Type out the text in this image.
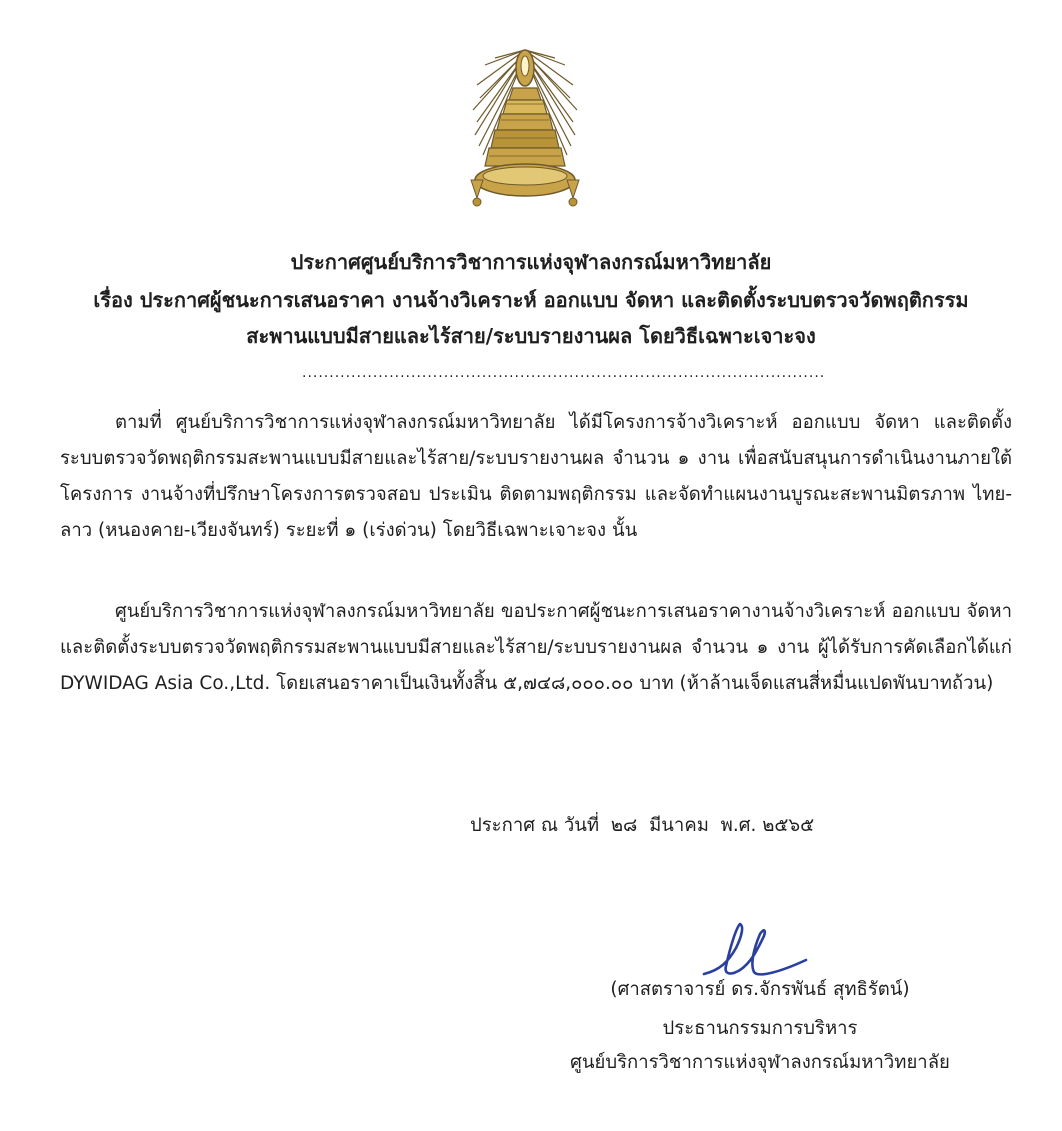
ประกาศศูนย์บริการวิชาการแห่งจุฬาลงกรณ์มหาวิทยาลัย
เรื่อง ประกาศผู้ชนะการเสนอราคา งานจ้างวิเคราะห์ ออกแบบ จัดหา และติดตั้งระบบตรวจวัดพฤติกรรม
สะพานแบบมีสายและไร้สาย/ระบบรายงานผล โดยวิธีเฉพาะเจาะจง
................................................................................................
ตามที่ ศูนย์บริการวิชาการแห่งจุฬาลงกรณ์มหาวิทยาลัย ได้มีโครงการจ้างวิเคราะห์ ออกแบบ จัดหา และติดตั้งระบบตรวจวัดพฤติกรรมสะพานแบบมีสายและไร้สาย/ระบบรายงานผล จำนวน ๑ งาน เพื่อสนับสนุนการดำเนินงานภายใต้โครงการ งานจ้างที่ปรึกษาโครงการตรวจสอบ ประเมิน ติดตามพฤติกรรม และจัดทำแผนงานบูรณะสะพานมิตรภาพ ไทย-ลาว (หนองคาย-เวียงจันทร์) ระยะที่ ๑ (เร่งด่วน) โดยวิธีเฉพาะเจาะจง นั้น
ศูนย์บริการวิชาการแห่งจุฬาลงกรณ์มหาวิทยาลัย ขอประกาศผู้ชนะการเสนอราคางานจ้างวิเคราะห์ ออกแบบ จัดหา และติดตั้งระบบตรวจวัดพฤติกรรมสะพานแบบมีสายและไร้สาย/ระบบรายงานผล จำนวน ๑ งาน ผู้ได้รับการคัดเลือกได้แก่ DYWIDAG Asia Co.,Ltd. โดยเสนอราคาเป็นเงินทั้งสิ้น ๕,๗๔๘,๐๐๐.๐๐ บาท (ห้าล้านเจ็ดแสนสี่หมื่นแปดพันบาทถ้วน)
ประกาศ ณ วันที่  ๒๘  มีนาคม  พ.ศ. ๒๕๖๕
(ศาสตราจารย์ ดร.จักรพันธ์ สุทธิรัตน์)
ประธานกรรมการบริหาร
ศูนย์บริการวิชาการแห่งจุฬาลงกรณ์มหาวิทยาลัย
